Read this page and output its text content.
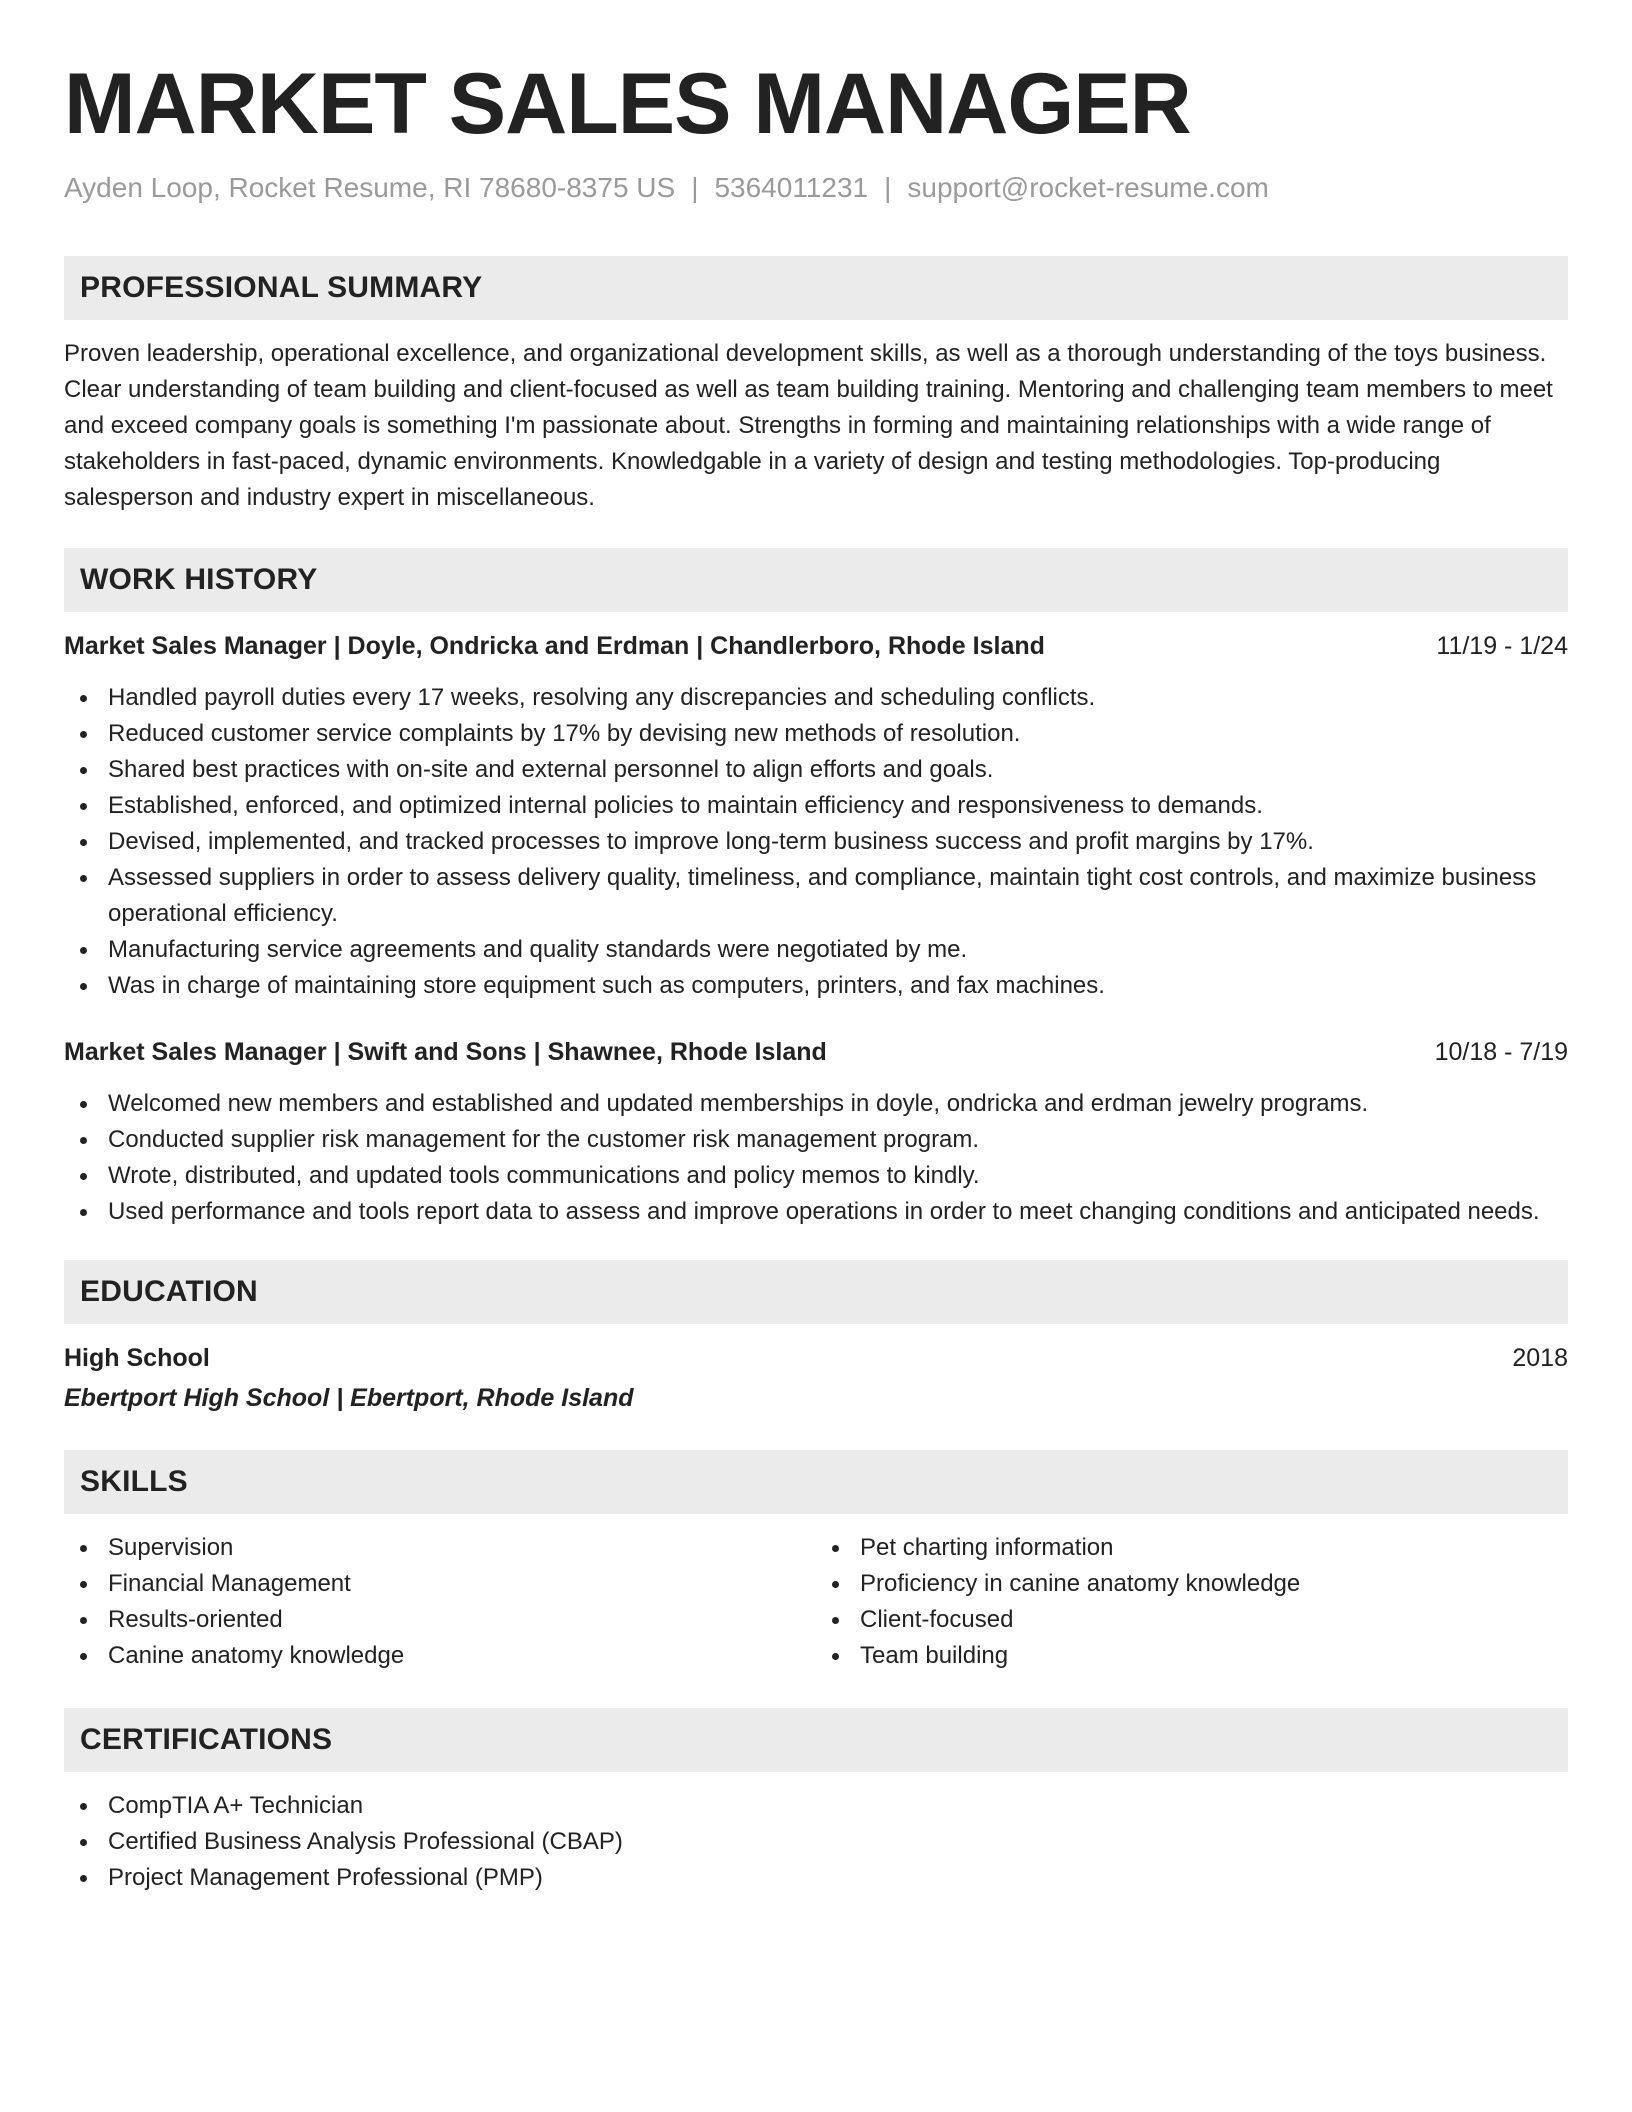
MARKET SALES MANAGER
Ayden Loop, Rocket Resume, RI 78680-8375 US | 5364011231 | support@rocket-resume.com
PROFESSIONAL SUMMARY
Proven leadership, operational excellence, and organizational development skills, as well as a thorough understanding of the toys business. Clear understanding of team building and client-focused as well as team building training. Mentoring and challenging team members to meet and exceed company goals is something I'm passionate about. Strengths in forming and maintaining relationships with a wide range of stakeholders in fast-paced, dynamic environments. Knowledgable in a variety of design and testing methodologies. Top-producing salesperson and industry expert in miscellaneous.
WORK HISTORY
Market Sales Manager | Doyle, Ondricka and Erdman | Chandlerboro, Rhode Island	11/19 - 1/24
Handled payroll duties every 17 weeks, resolving any discrepancies and scheduling conflicts.
Reduced customer service complaints by 17% by devising new methods of resolution.
Shared best practices with on-site and external personnel to align efforts and goals.
Established, enforced, and optimized internal policies to maintain efficiency and responsiveness to demands.
Devised, implemented, and tracked processes to improve long-term business success and profit margins by 17%.
Assessed suppliers in order to assess delivery quality, timeliness, and compliance, maintain tight cost controls, and maximize business operational efficiency.
Manufacturing service agreements and quality standards were negotiated by me.
Was in charge of maintaining store equipment such as computers, printers, and fax machines.
Market Sales Manager | Swift and Sons | Shawnee, Rhode Island	10/18 - 7/19
Welcomed new members and established and updated memberships in doyle, ondricka and erdman jewelry programs.
Conducted supplier risk management for the customer risk management program.
Wrote, distributed, and updated tools communications and policy memos to kindly.
Used performance and tools report data to assess and improve operations in order to meet changing conditions and anticipated needs.
EDUCATION
High School	2018
Ebertport High School | Ebertport, Rhode Island
SKILLS
Supervision
Financial Management
Results-oriented
Canine anatomy knowledge
Pet charting information
Proficiency in canine anatomy knowledge
Client-focused
Team building
CERTIFICATIONS
CompTIA A+ Technician
Certified Business Analysis Professional (CBAP)
Project Management Professional (PMP)
